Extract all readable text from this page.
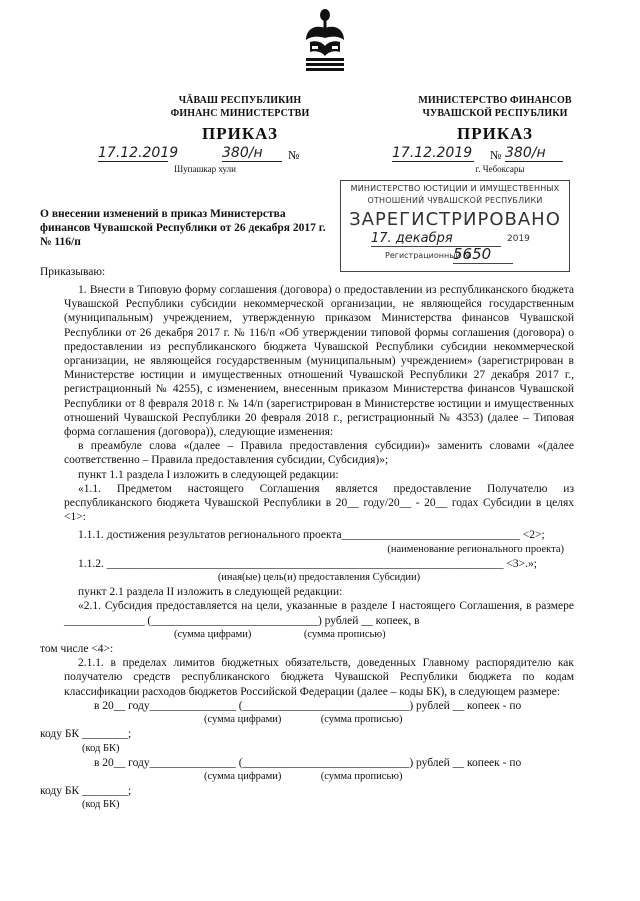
ЧĂВАШ РЕСПУБЛИКИН
ФИНАНС МИНИСТЕРСТВИ
МИНИСТЕРСТВО ФИНАНСОВ
ЧУВАШСКОЙ РЕСПУБЛИКИ
ПРИКАЗ	ПРИКАЗ
17.12.2019	380/н	№
Шупашкар хули
17.12.2019 № 380/н
г. Чебоксары
МИНИСТЕРСТВО ЮСТИЦИИ И ИМУЩЕСТВЕННЫХ
ОТНОШЕНИЙ ЧУВАШСКОЙ РЕСПУБЛИКИ
ЗАРЕГИСТРИРОВАНО
17. декабря	2019
Регистрационный №
5650
О внесении изменений в приказ Министерства финансов Чувашской Республики от 26 декабря 2017 г. № 116/п
Приказываю:

1. Внести в Типовую форму соглашения (договора) о предоставлении из республиканского бюджета Чувашской Республики субсидии некоммерческой организации, не являющейся государственным (муниципальным) учреждением, утвержденную приказом Министерства финансов Чувашской Республики от 26 декабря 2017 г. № 116/п «Об утверждении типовой формы соглашения (договора) о предоставлении из республиканского бюджета Чувашской Республики субсидии некоммерческой организации, не являющейся государственным (муниципальным) учреждением» (зарегистрирован в Министерстве юстиции и имущественных отношений Чувашской Республики 27 декабря 2017 г., регистрационный № 4255), с изменением, внесенным приказом Министерства финансов Чувашской Республики от 8 февраля 2018 г. № 14/п (зарегистрирован в Министерстве юстиции и имущественных отношений Чувашской Республики 20 февраля 2018 г., регистрационный № 4353) (далее – Типовая форма соглашения (договора)), следующие изменения:

в преамбуле слова «(далее – Правила предоставления субсидии)» заменить словами «(далее соответственно – Правила предоставления субсидии, Субсидия)»;

пункт 1.1 раздела I изложить в следующей редакции:

«1.1. Предметом настоящего Соглашения является предоставление Получателю из республиканского бюджета Чувашской Республики в 20__ году/20__ - 20__ годах Субсидии в целях <1>:

1.1.1. достижения результатов регионального проекта_______________________________ <2>;

(наименование регионального проекта)

1.1.2. _____________________________________________________________________ <3>.»;

(иная(ые) цель(и) предоставления Субсидии)

пункт 2.1 раздела II изложить в следующей редакции:

«2.1. Субсидия предоставляется на цели, указанные в разделе I настоящего Соглашения, в размере ______________ (_____________________________) рублей __ копеек, в

(сумма цифрами)                    (сумма прописью)

том числе <4>:

2.1.1. в пределах лимитов бюджетных обязательств, доведенных Главному распорядителю как получателю средств республиканского бюджета Чувашской Республики бюджета по кодам классификации расходов бюджетов Российской Федерации (далее – коды БК), в следующем размере:

в 20__ году_______________ (_____________________________) рублей __ копеек - по

(сумма цифрами)               (сумма прописью)

коду БК ________;

(код БК)

в 20__ году_______________ (_____________________________) рублей __ копеек - по

(сумма цифрами)               (сумма прописью)

коду БК ________;

(код БК)
